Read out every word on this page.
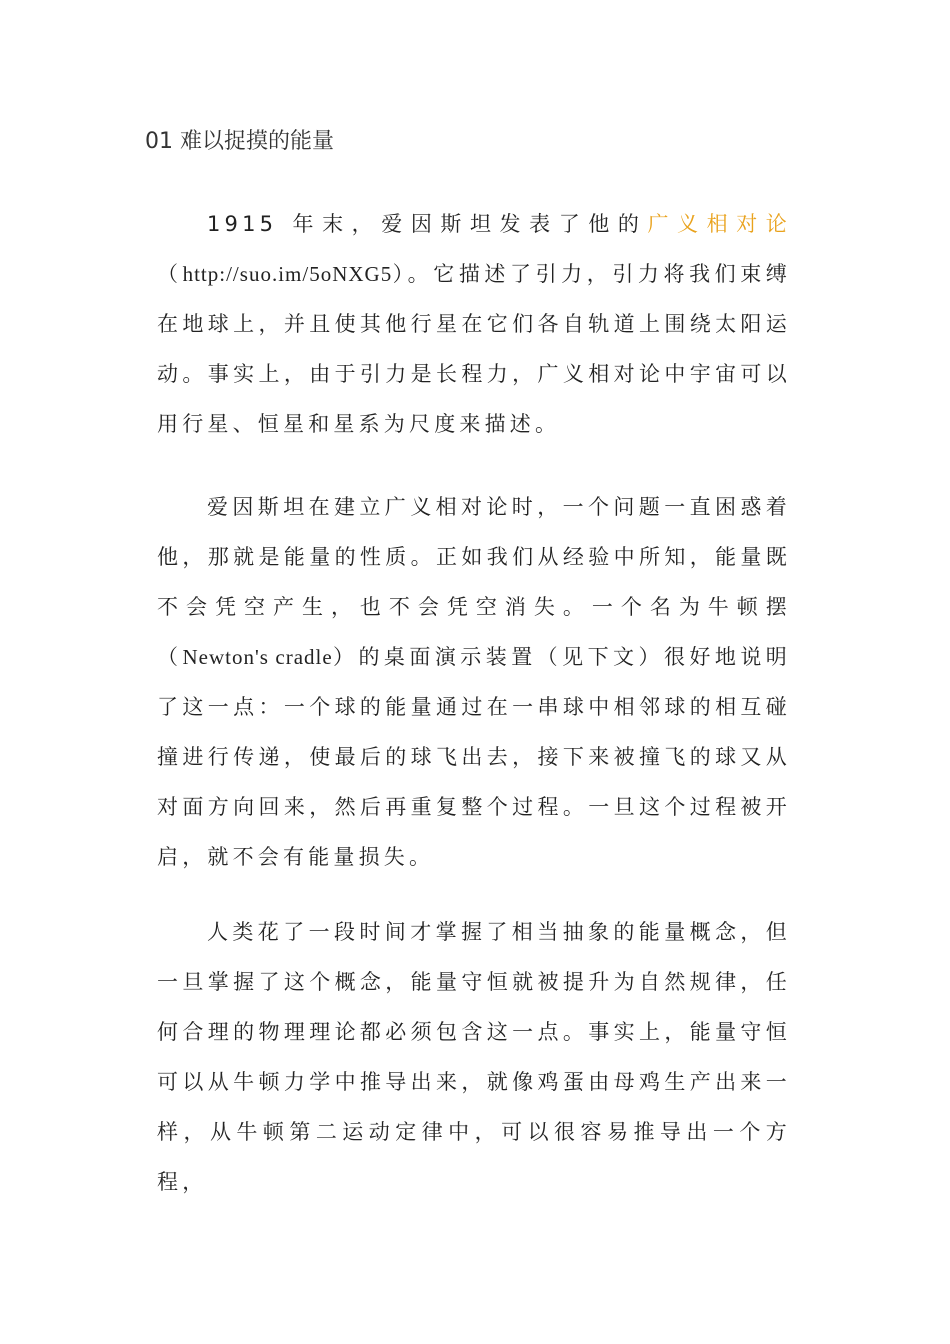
01 难以捉摸的能量

1915 年末，爱因斯坦发表了他的广义相对论（http://suo.im/5oNXG5）。它描述了引力，引力将我们束缚在地球上，并且使其他行星在它们各自轨道上围绕太阳运动。事实上，由于引力是长程力，广义相对论中宇宙可以用行星、恒星和星系为尺度来描述。

爱因斯坦在建立广义相对论时，一个问题一直困惑着他，那就是能量的性质。正如我们从经验中所知，能量既不会凭空产生，也不会凭空消失。一个名为牛顿摆（Newton's cradle）的桌面演示装置（见下文）很好地说明了这一点：一个球的能量通过在一串球中相邻球的相互碰撞进行传递，使最后的球飞出去，接下来被撞飞的球又从对面方向回来，然后再重复整个过程。一旦这个过程被开启，就不会有能量损失。

人类花了一段时间才掌握了相当抽象的能量概念，但一旦掌握了这个概念，能量守恒就被提升为自然规律，任何合理的物理理论都必须包含这一点。事实上，能量守恒可以从牛顿力学中推导出来，就像鸡蛋由母鸡生产出来一样，从牛顿第二运动定律中，可以很容易推导出一个方程，
